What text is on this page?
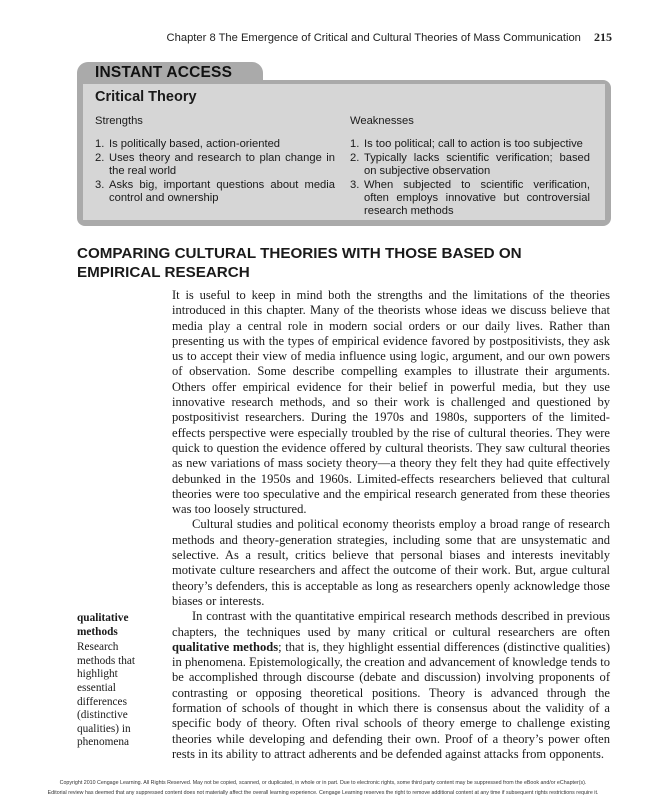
Chapter 8 The Emergence of Critical and Cultural Theories of Mass Communication 215
INSTANT ACCESS
Critical Theory
Strengths
1. Is politically based, action-oriented
2. Uses theory and research to plan change in the real world
3. Asks big, important questions about media control and ownership
Weaknesses
1. Is too political; call to action is too subjective
2. Typically lacks scientific verification; based on subjective observation
3. When subjected to scientific verification, often employs innovative but controversial research methods
COMPARING CULTURAL THEORIES WITH THOSE BASED ON EMPIRICAL RESEARCH
qualitative methods
Research methods that highlight essential differences (distinctive qualities) in phenomena

It is useful to keep in mind both the strengths and the limitations of the theories introduced in this chapter. Many of the theorists whose ideas we discuss believe that media play a central role in modern social orders or our daily lives. Rather than presenting us with the types of empirical evidence favored by postpositivists, they ask us to accept their view of media influence using logic, argument, and our own powers of observation. Some describe compelling examples to illustrate their arguments. Others offer empirical evidence for their belief in powerful media, but they use innovative research methods, and so their work is challenged and questioned by postpositivist researchers. During the 1970s and 1980s, supporters of the limited-effects perspective were especially troubled by the rise of cultural theories. They were quick to question the evidence offered by cultural theorists. They saw cultural theories as new variations of mass society theory—a theory they felt they had quite effectively debunked in the 1950s and 1960s. Limited-effects researchers believed that cultural theories were too speculative and the empirical research generated from these theories was too loosely structured.

Cultural studies and political economy theorists employ a broad range of research methods and theory-generation strategies, including some that are unsystematic and selective. As a result, critics believe that personal biases and interests inevitably motivate culture researchers and affect the outcome of their work. But, argue cultural theory’s defenders, this is acceptable as long as researchers openly acknowledge those biases or interests.

In contrast with the quantitative empirical research methods described in previous chapters, the techniques used by many critical or cultural researchers are often qualitative methods; that is, they highlight essential differences (distinctive qualities) in phenomena. Epistemologically, the creation and advancement of knowledge tends to be accomplished through discourse (debate and discussion) involving proponents of contrasting or opposing theoretical positions. Theory is advanced through the formation of schools of thought in which there is consensus about the validity of a specific body of theory. Often rival schools of theory emerge to challenge existing theories while developing and defending their own. Proof of a theory’s power often rests in its ability to attract adherents and be defended against attacks from opponents.

Copyright 2010 Cengage Learning. All Rights Reserved. May not be copied, scanned, or duplicated, in whole or in part. Due to electronic rights, some third party content may be suppressed from the eBook and/or eChapter(s).
Editorial review has deemed that any suppressed content does not materially affect the overall learning experience. Cengage Learning reserves the right to remove additional content at any time if subsequent rights restrictions require it.
